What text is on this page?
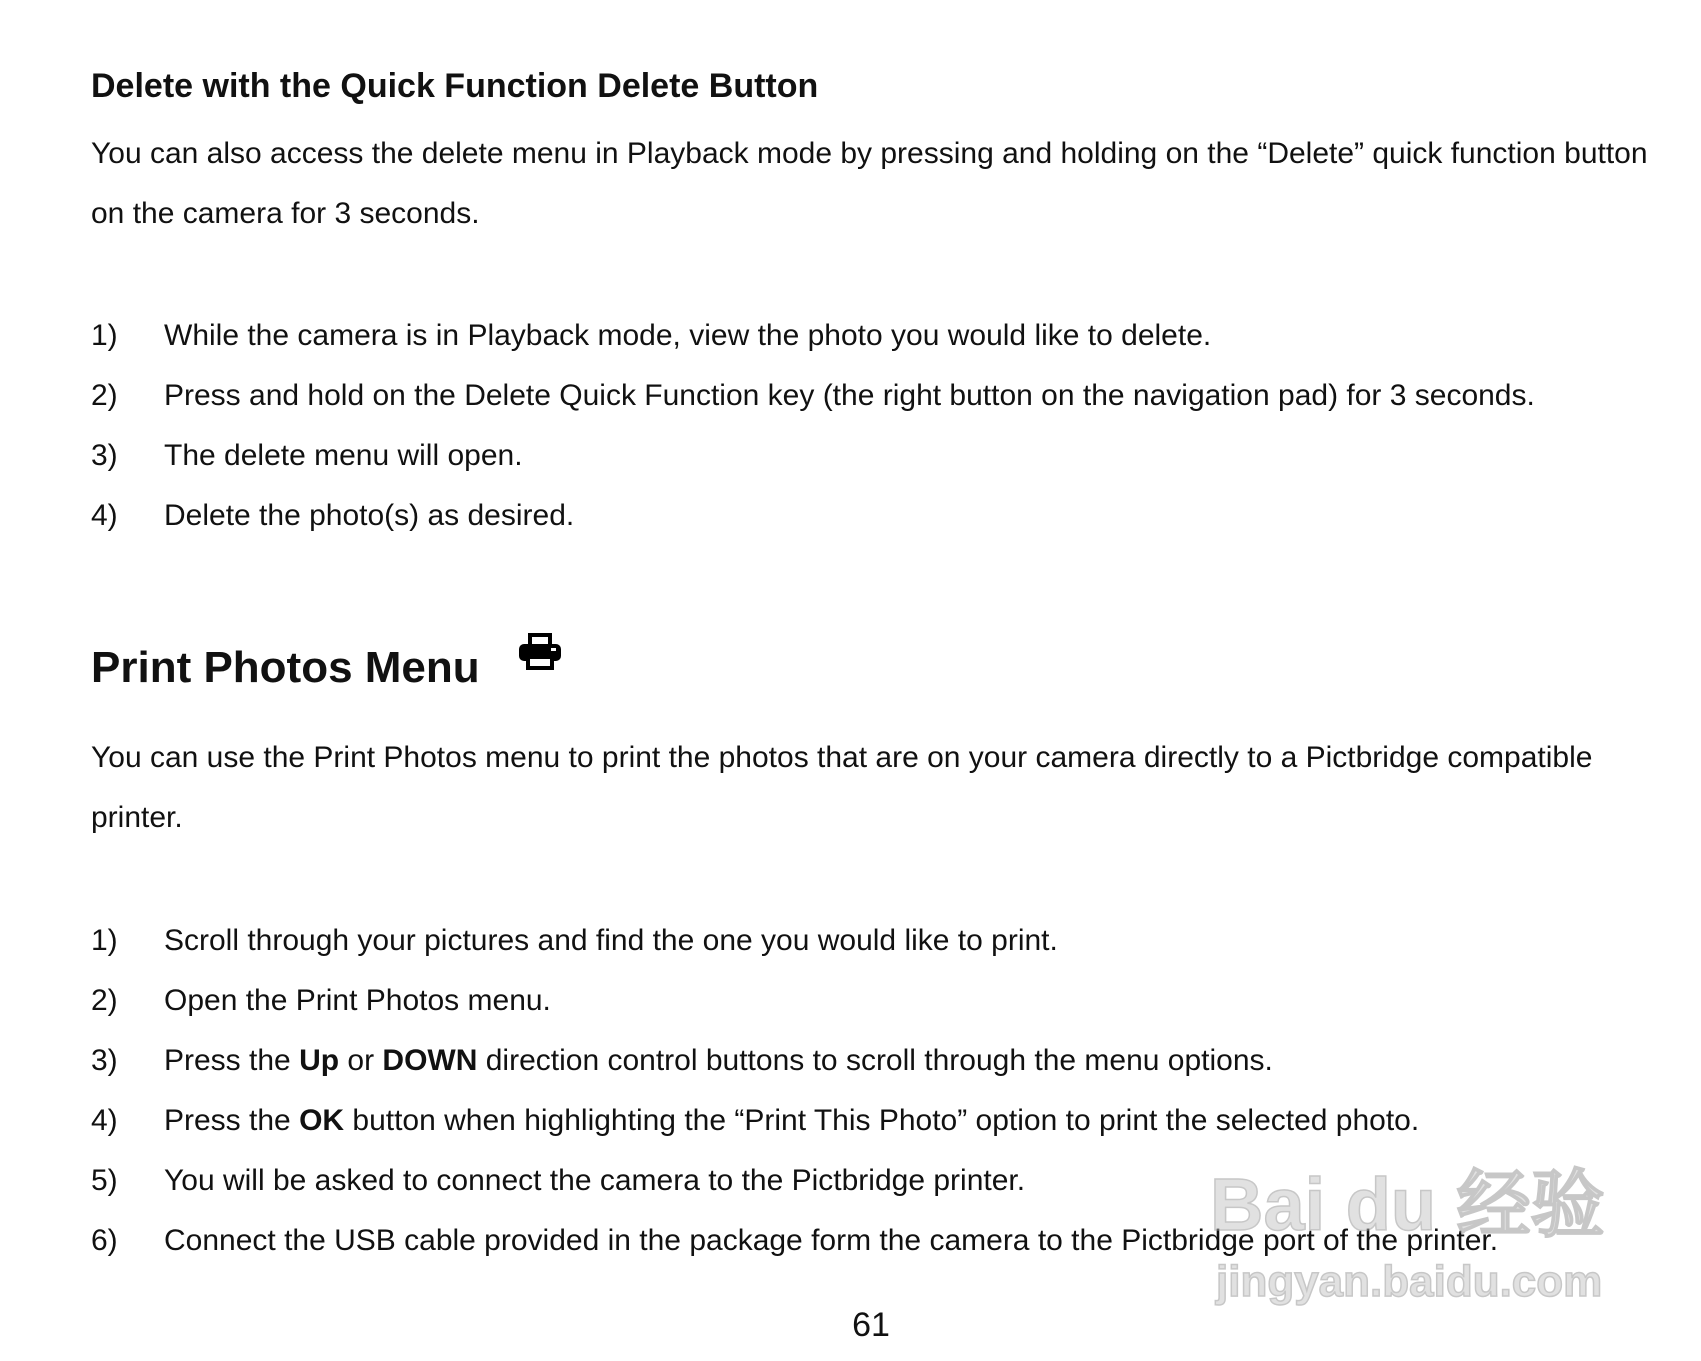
Delete with the Quick Function Delete Button

You can also access the delete menu in Playback mode by pressing and holding on the “Delete” quick function button on the camera for 3 seconds.

1) While the camera is in Playback mode, view the photo you would like to delete.
2) Press and hold on the Delete Quick Function key (the right button on the navigation pad) for 3 seconds.
3) The delete menu will open.
4) Delete the photo(s) as desired.
Print Photos Menu

You can use the Print Photos menu to print the photos that are on your camera directly to a Pictbridge compatible printer.

1) Scroll through your pictures and find the one you would like to print.
2) Open the Print Photos menu.
3) Press the Up or DOWN direction control buttons to scroll through the menu options.
4) Press the OK button when highlighting the “Print This Photo” option to print the selected photo.
5) You will be asked to connect the camera to the Pictbridge printer.
6) Connect the USB cable provided in the package form the camera to the Pictbridge port of the printer.
61
Bai du 经验
jingyan.baidu.com
